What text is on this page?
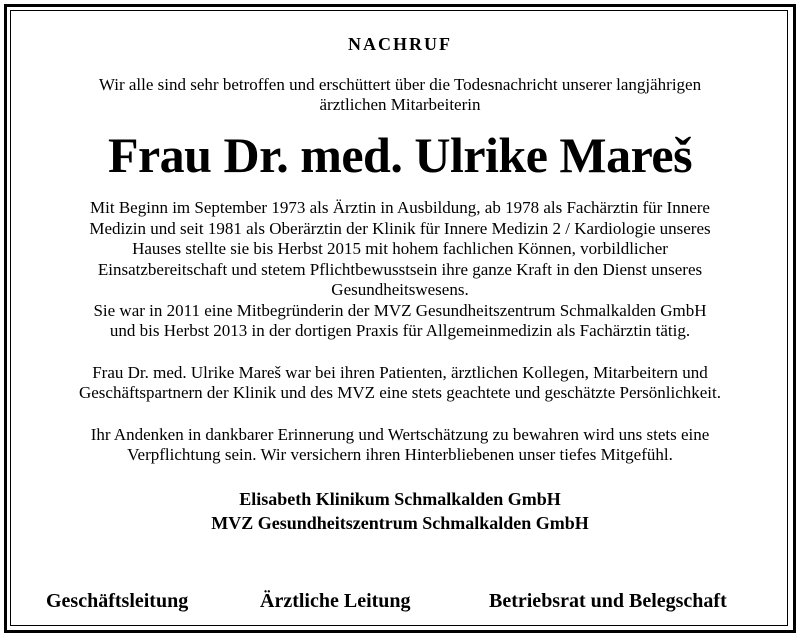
NACHRUF
Wir alle sind sehr betroffen und erschüttert über die Todesnachricht unserer langjährigen
ärztlichen Mitarbeiterin
Frau Dr. med. Ulrike Mareš
Mit Beginn im September 1973 als Ärztin in Ausbildung, ab 1978 als Fachärztin für Innere
Medizin und seit 1981 als Oberärztin der Klinik für Innere Medizin 2 / Kardiologie unseres
Hauses stellte sie bis Herbst 2015 mit hohem fachlichen Können, vorbildlicher
Einsatzbereitschaft und stetem Pflichtbewusstsein ihre ganze Kraft in den Dienst unseres
Gesundheitswesens.
Sie war in 2011 eine Mitbegründerin der MVZ Gesundheitszentrum Schmalkalden GmbH
und bis Herbst 2013 in der dortigen Praxis für Allgemeinmedizin als Fachärztin tätig.
Frau Dr. med. Ulrike Mareš war bei ihren Patienten, ärztlichen Kollegen, Mitarbeitern und
Geschäftspartnern der Klinik und des MVZ eine stets geachtete und geschätzte Persönlichkeit.
Ihr Andenken in dankbarer Erinnerung und Wertschätzung zu bewahren wird uns stets eine
Verpflichtung sein. Wir versichern ihren Hinterbliebenen unser tiefes Mitgefühl.
Elisabeth Klinikum Schmalkalden GmbH
MVZ Gesundheitszentrum Schmalkalden GmbH
Geschäftsleitung	Ärztliche Leitung	Betriebsrat und Belegschaft
